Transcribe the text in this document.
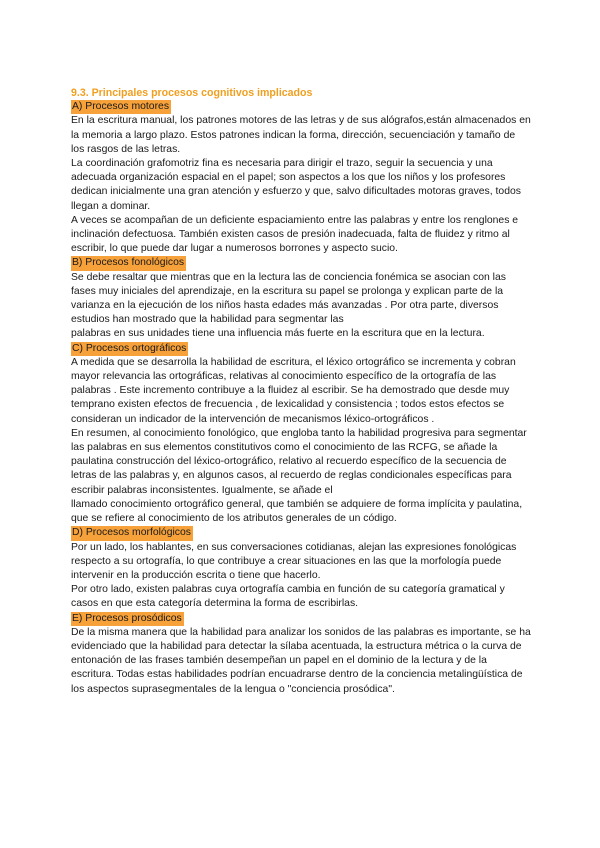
9.3. Principales procesos cognitivos implicados
A) Procesos motores

En la escritura manual, los patrones motores de las letras y de sus alógrafos,están almacenados en la memoria a largo plazo. Estos patrones indican la forma, dirección, secuenciación y tamaño de los rasgos de las letras.

La coordinación grafomotriz fina es necesaria para dirigir el trazo, seguir la secuencia y una adecuada organización espacial en el papel; son aspectos a los que los niños y los profesores dedican inicialmente una gran atención y esfuerzo y que, salvo dificultades motoras graves, todos llegan a dominar.

A veces se acompañan de un deficiente espaciamiento entre las palabras y entre los renglones e inclinación defectuosa. También existen casos de presión inadecuada, falta de fluidez y ritmo al escribir, lo que puede dar lugar a numerosos borrones y aspecto sucio.

B) Procesos fonológicos

Se debe resaltar que mientras que en la lectura las de conciencia fonémica se asocian con las fases muy iniciales del aprendizaje, en la escritura su papel se prolonga y explican parte de la varianza en la ejecución de los niños hasta edades más avanzadas . Por otra parte, diversos estudios han mostrado que la habilidad para segmentar las

palabras en sus unidades tiene una influencia más fuerte en la escritura que en la lectura.

C) Procesos ortográficos

A medida que se desarrolla la habilidad de escritura, el léxico ortográfico se incrementa y cobran mayor relevancia las ortográficas, relativas al conocimiento específico de la ortografía de las palabras . Este incremento contribuye a la fluidez al escribir. Se ha demostrado que desde muy temprano existen efectos de frecuencia , de lexicalidad y consistencia ; todos estos efectos se consideran un indicador de la intervención de mecanismos léxico-ortográficos .

En resumen, al conocimiento fonológico, que engloba tanto la habilidad progresiva para segmentar las palabras en sus elementos constitutivos como el conocimiento de las RCFG, se añade la paulatina construcción del léxico-ortográfico, relativo al recuerdo específico de la secuencia de letras de las palabras y, en algunos casos, al recuerdo de reglas condicionales específicas para escribir palabras inconsistentes. Igualmente, se añade el

llamado conocimiento ortográfico general, que también se adquiere de forma implícita y paulatina, que se refiere al conocimiento de los atributos generales de un código.

D) Procesos morfológicos

Por un lado, los hablantes, en sus conversaciones cotidianas, alejan las expresiones fonológicas respecto a su ortografía, lo que contribuye a crear situaciones en las que la morfología puede intervenir en la producción escrita o tiene que hacerlo.

Por otro lado, existen palabras cuya ortografía cambia en función de su categoría gramatical y casos en que esta categoría determina la forma de escribirlas.

E) Procesos prosódicos

De la misma manera que la habilidad para analizar los sonidos de las palabras es importante, se ha evidenciado que la habilidad para detectar la sílaba acentuada, la estructura métrica o la curva de entonación de las frases también desempeñan un papel en el dominio de la lectura y de la escritura. Todas estas habilidades podrían encuadrarse dentro de la conciencia metalingüística de los aspectos suprasegmentales de la lengua o "conciencia prosódica".
